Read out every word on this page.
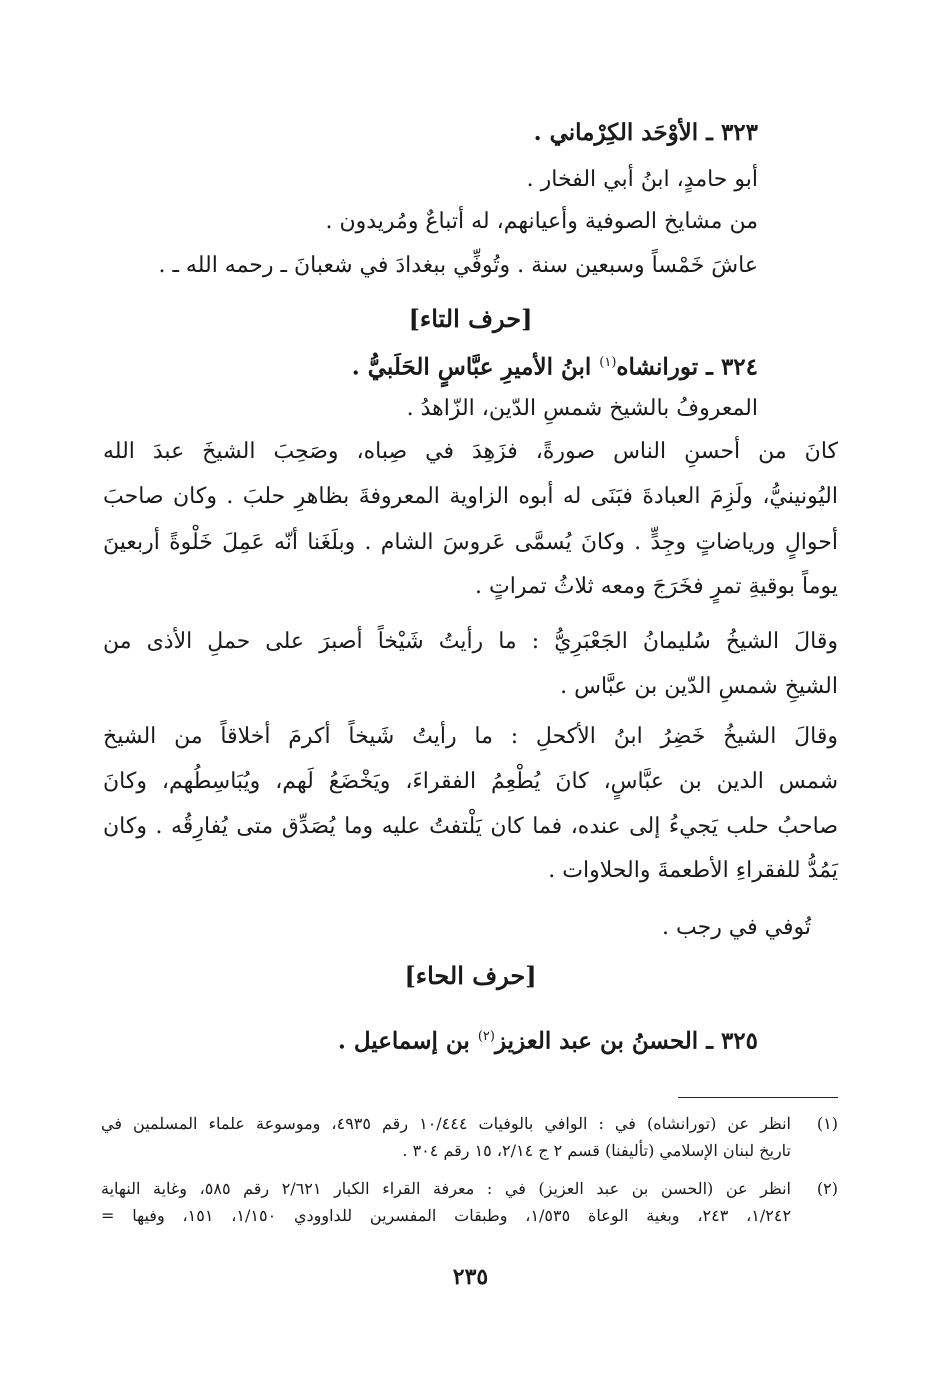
٣٢٣ ـ الأوْحَد الكِرْماني .
أبو حامدٍ، ابنُ أبي الفخار .
من مشايخ الصوفية وأعيانهم، له أتباعٌ ومُريدون .
عاشَ خَمْساً وسبعين سنة . وتُوفِّي ببغدادَ في شعبانَ ـ رحمه الله ـ .
[حرف التاء]
٣٢٤ ـ تورانشاه$^{(١)}$ ابنُ الأميرِ عبَّاسٍ الحَلَبيُّ .
المعروفُ بالشيخ شمسِ الدّين، الزّاهدُ .
كانَ من أحسنِ الناس صورةً، فزَهِدَ في صِباه، وصَحِبَ الشيخَ عبدَ الله
اليُونينيُّ، ولَزِمَ العبادةَ فبَنَى له أبوه الزاوية المعروفةَ بظاهرِ حلبَ . وكان صاحبَ
أحوالٍ ورياضاتٍ وجِدٍّ . وكانَ يُسمَّى عَروسَ الشام . وبلَغَنا أنّه عَمِلَ خَلْوةً أربعينَ
يوماً بوقيةِ تمرٍ فخَرَجَ ومعه ثلاثُ تمراتٍ .
وقالَ الشيخُ سُليمانُ الجَعْبَرِيُّ : ما رأيتُ شَيْخاً أصبرَ على حملِ الأذى من
الشيخِ شمسِ الدّين بن عبَّاس .
وقالَ الشيخُ خَضِرُ ابنُ الأكحلِ : ما رأيتُ شَيخاً أكرمَ أخلاقاً من الشيخ
شمس الدين بن عبَّاسٍ، كانَ يُطْعِمُ الفقراءَ، ويَخْضَعُ لَهم، ويُبَاسِطُهم، وكانَ
صاحبُ حلب يَجيءُ إلى عنده، فما كان يَلْتفتُ عليه وما يُصَدِّق متى يُفارِقُه . وكان
يَمُدُّ للفقراءِ الأطعمةَ والحلاوات .
تُوفي في رجب .
[حرف الحاء]
٣٢٥ ـ الحسنُ بن عبد العزيز$^{(٢)}$ بن إسماعيل .
(١)
انظر عن (تورانشاه) في : الوافي بالوفيات ١٠/٤٤٤ رقم ٤٩٣٥، وموسوعة علماء المسلمين في
تاريخ لبنان الإسلامي (تأليفنا) قسم ٢ ج ٢/١٤، ١٥ رقم ٣٠٤ .
(٢)
انظر عن (الحسن بن عبد العزيز) في : معرفة القراء الكبار ٢/٦٢١ رقم ٥٨٥، وغاية النهاية
١/٢٤٢، ٢٤٣، وبغية الوعاة ١/٥٣٥، وطبقات المفسرين للداوودي ١/١٥٠، ١٥١، وفيها =
٢٣٥
